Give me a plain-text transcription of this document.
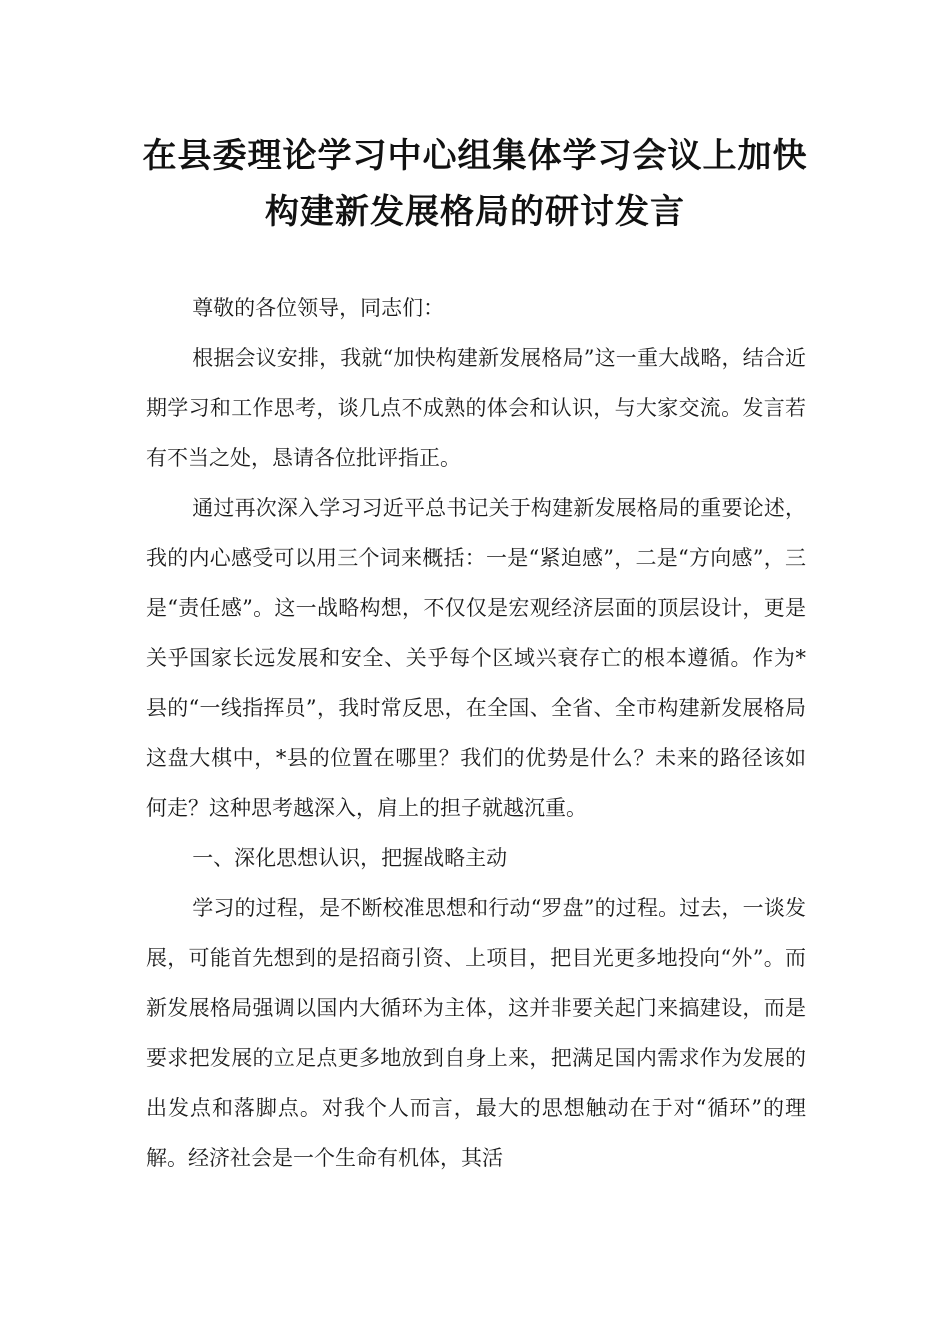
在县委理论学习中心组集体学习会议上加快构建新发展格局的研讨发言

尊敬的各位领导，同志们：

根据会议安排，我就“加快构建新发展格局”这一重大战略，结合近期学习和工作思考，谈几点不成熟的体会和认识，与大家交流。发言若有不当之处，恳请各位批评指正。

通过再次深入学习习近平总书记关于构建新发展格局的重要论述，我的内心感受可以用三个词来概括：一是“紧迫感”，二是“方向感”，三是“责任感”。这一战略构想，不仅仅是宏观经济层面的顶层设计，更是关乎国家长远发展和安全、关乎每个区域兴衰存亡的根本遵循。作为*县的“一线指挥员”，我时常反思，在全国、全省、全市构建新发展格局这盘大棋中，*县的位置在哪里？我们的优势是什么？未来的路径该如何走？这种思考越深入，肩上的担子就越沉重。

一、深化思想认识，把握战略主动

学习的过程，是不断校准思想和行动“罗盘”的过程。过去，一谈发展，可能首先想到的是招商引资、上项目，把目光更多地投向“外”。而新发展格局强调以国内大循环为主体，这并非要关起门来搞建设，而是要求把发展的立足点更多地放到自身上来，把满足国内需求作为发展的出发点和落脚点。对我个人而言，最大的思想触动在于对“循环”的理解。经济社会是一个生命有机体，其活
